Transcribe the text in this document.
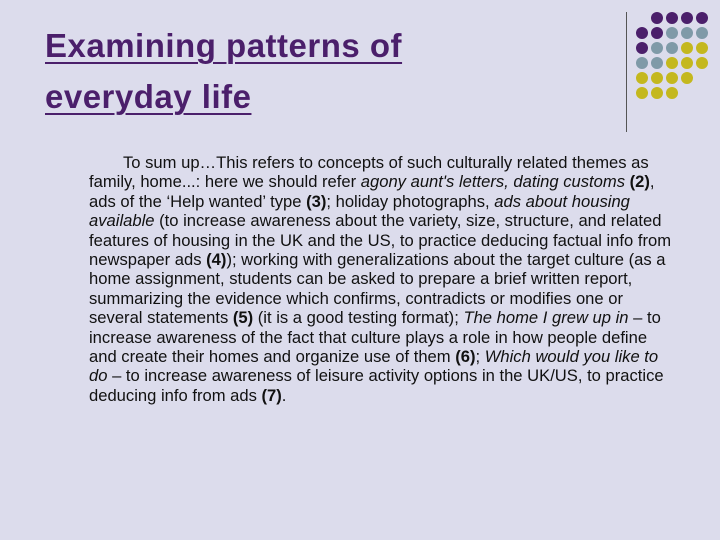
Examining patterns of
everyday life

To sum up…This refers to concepts of such culturally related themes as family, home...: here we should refer agony aunt's letters, dating customs (2), ads of the ‘Help wanted’ type (3); holiday photographs, ads about housing available (to increase awareness about the variety, size, structure, and related features of housing in the UK and the US, to practice deducing factual info from newspaper ads (4)); working with generalizations about the target culture (as a home assignment, students can be asked to prepare a brief written report, summarizing the evidence which confirms, contradicts or modifies one or several statements (5) (it is a good testing format); The home I grew up in – to increase awareness of the fact that culture plays a role in how people define and create their homes and organize use of them (6); Which would you like to do – to increase awareness of leisure activity options in the UK/US, to practice deducing info from ads (7).
